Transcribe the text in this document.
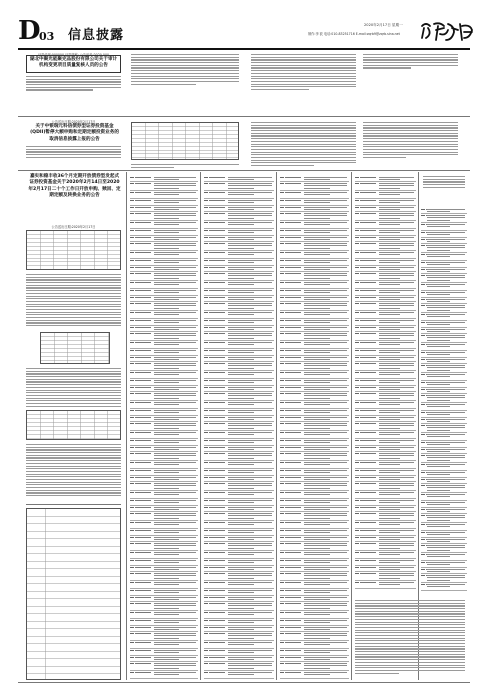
D
03 信息披露
2020年2月17日 星期一
制作:李 波 电话:010-83251716 E-mail:zqrb9@zqrb.sina.net
证券代码:000000 证券简称: 公告编号:2020-000
湖北中聚光能聚完品股份有限公司关于审计机构变更项目质量复核人员的公告
关于中银瑞元科信债券型证券投资基金(QDII)暂停大额申购和定期定额投资业务的取消信息披露上报的公告
公告送出日期:2020年2月17日
嘉实和稳丰收36个月定期开放债券型发起式证券投资基金关于2020年2月14日至2020年2月17日二十个工作日开放申购、赎回、定期定额及转换业务的公告
公告送出日期:2020年2月17日
